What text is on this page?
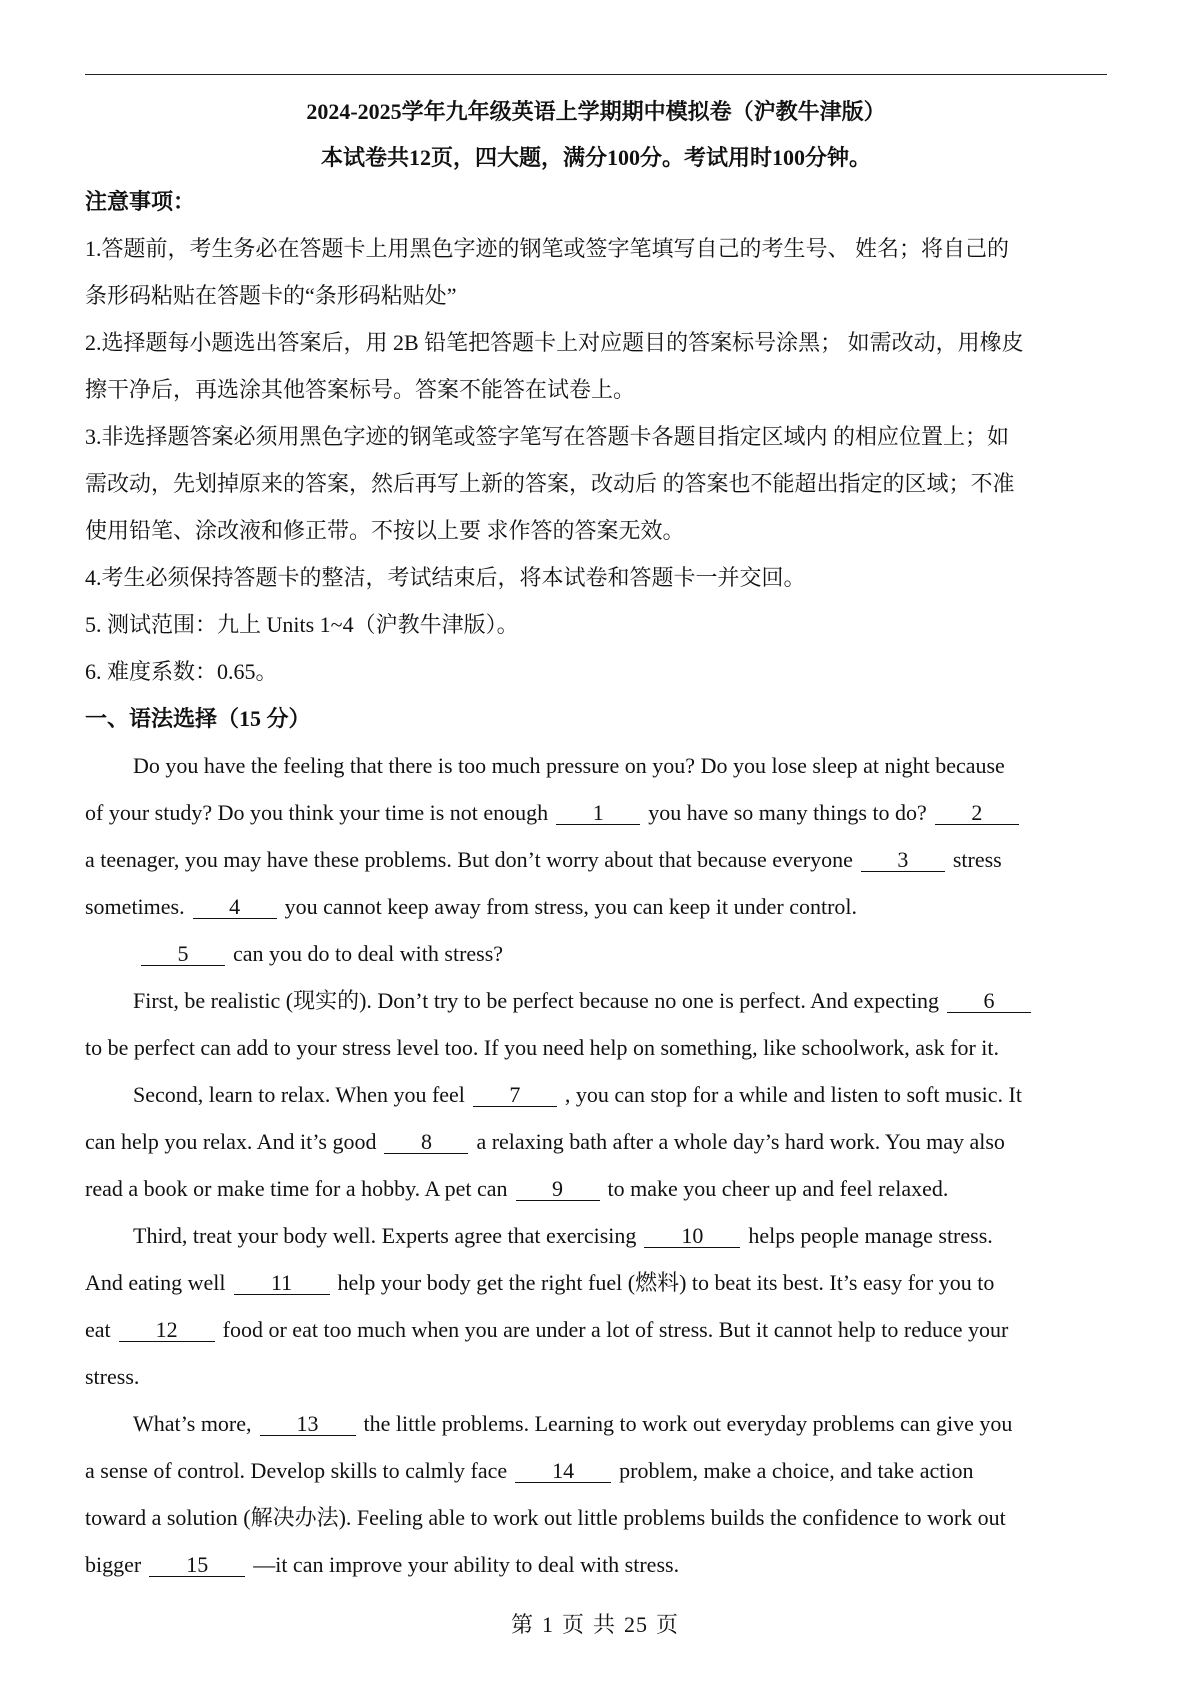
2024-2025学年九年级英语上学期期中模拟卷（沪教牛津版）
本试卷共12页，四大题，满分100分。考试用时100分钟。
注意事项：
1.答题前，考生务必在答题卡上用黑色字迹的钢笔或签字笔填写自己的考生号、 姓名；将自己的
条形码粘贴在答题卡的“条形码粘贴处”
2.选择题每小题选出答案后，用 2B 铅笔把答题卡上对应题目的答案标号涂黑； 如需改动，用橡皮
擦干净后，再选涂其他答案标号。答案不能答在试卷上。
3.非选择题答案必须用黑色字迹的钢笔或签字笔写在答题卡各题目指定区域内 的相应位置上；如
需改动，先划掉原来的答案，然后再写上新的答案，改动后 的答案也不能超出指定的区域；不准
使用铅笔、涂改液和修正带。不按以上要 求作答的答案无效。
4.考生必须保持答题卡的整洁，考试结束后，将本试卷和答题卡一并交回。
5. 测试范围：九上 Units 1~4（沪教牛津版）。
6. 难度系数：0.65。
一、语法选择（15 分）
Do you have the feeling that there is too much pressure on you? Do you lose sleep at night because
of your study? Do you think your time is not enough 1 you have so many things to do? 2
a teenager, you may have these problems. But don’t worry about that because everyone 3 stress
sometimes. 4 you cannot keep away from stress, you can keep it under control.
5 can you do to deal with stress?
First, be realistic (现实的). Don’t try to be perfect because no one is perfect. And expecting 6
to be perfect can add to your stress level too. If you need help on something, like schoolwork, ask for it.
Second, learn to relax. When you feel 7 , you can stop for a while and listen to soft music. It
can help you relax. And it’s good 8 a relaxing bath after a whole day’s hard work. You may also
read a book or make time for a hobby. A pet can 9 to make you cheer up and feel relaxed.
Third, treat your body well. Experts agree that exercising 10 helps people manage stress.
And eating well 11 help your body get the right fuel (燃料) to beat its best. It’s easy for you to
eat 12 food or eat too much when you are under a lot of stress. But it cannot help to reduce your
stress.
What’s more, 13 the little problems. Learning to work out everyday problems can give you
a sense of control. Develop skills to calmly face 14 problem, make a choice, and take action
toward a solution (解决办法). Feeling able to work out little problems builds the confidence to work out
bigger 15 —it can improve your ability to deal with stress.
第 1 页 共 25 页
